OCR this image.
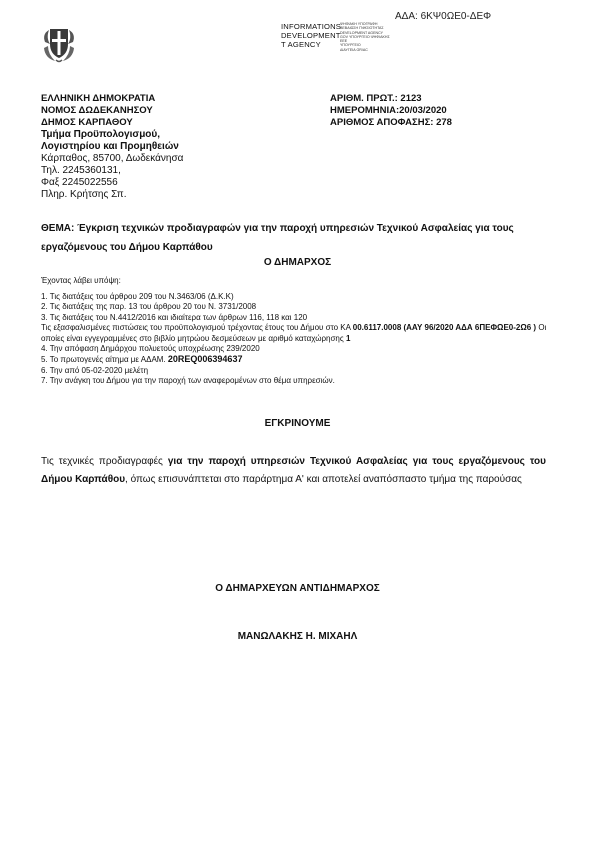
ΑΔΑ: 6ΚΨ0ΩΕ0-ΔΕΦ
INFORMATIONS
DEVELOPMENT
T AGENCY
ΨΗΦΙΑΚΗ ΥΠΟΓΡΑΦΗ
ΒΕΒΑΙΩΣΗ ΓΝΗΣΙΟΤΗΤΑΣ
DEVELOPMENT AGENCY
GOV ΥΠΟΥΡΓΕΙΟ ΨΗΦΙΑΚΗΣ
ΕΕΕ
ΥΠΟΥΡΓΕΙΟ
ΔΙΑΥΓΕΙΑ GR/AC
ΕΛΛΗΝΙΚΗ ΔΗΜΟΚΡΑΤΙΑ
ΝΟΜΟΣ ΔΩΔΕΚΑΝΗΣΟΥ
ΔΗΜΟΣ ΚΑΡΠΑΘΟΥ
Τμήμα Προϋπολογισμού,
Λογιστηρίου και Προμηθειών
Κάρπαθος, 85700, Δωδεκάνησα
Τηλ. 2245360131,
Φαξ 2245022556
Πληρ. Κρήτσης Σπ.
ΑΡΙΘΜ. ΠΡΩΤ.: 2123
ΗΜΕΡΟΜΗΝΙΑ:20/03/2020
ΑΡΙΘΜΟΣ ΑΠΟΦΑΣΗΣ: 278
ΘΕΜΑ: Έγκριση τεχνικών προδιαγραφών για την παροχή υπηρεσιών Τεχνικού Ασφαλείας για τους εργαζόμενους του Δήμου Καρπάθου
Ο ΔΗΜΑΡΧΟΣ
Έχοντας λάβει υπόψη:
1. Τις διατάξεις του άρθρου 209 του Ν.3463/06 (Δ.Κ.Κ)
2. Τις διατάξεις της παρ. 13 του άρθρου 20 του Ν. 3731/2008
3. Τις διατάξεις του Ν.4412/2016 και ιδιαίτερα των άρθρων 116, 118 και 120
Τις εξασφαλισμένες πιστώσεις του προϋπολογισμού τρέχοντας έτους του Δήμου στο ΚΑ 00.6117.0008 (ΑΑΥ 96/2020 ΑΔΑ 6ΠΕΦΩΕ0-2Ω6 ) Οι οποίες είναι εγγεγραμμένες στο βιβλίο μητρώου δεσμεύσεων με αριθμό καταχώρησης 1
4. Την απόφαση Δημάρχου πολυετούς υποχρέωσης 239/2020
5. Το πρωτογενές αίτημα με ΑΔΑΜ. 20REQ006394637
6. Την από 05-02-2020 μελέτη
7. Την ανάγκη του Δήμου για την παροχή των αναφερομένων στο θέμα υπηρεσιών.
ΕΓΚΡΙΝΟΥΜΕ
Τις τεχνικές προδιαγραφές για την παροχή υπηρεσιών Τεχνικού Ασφαλείας για τους εργαζόμενους του Δήμου Καρπάθου, όπως επισυνάπτεται στο παράρτημα Α' και αποτελεί αναπόσπαστο τμήμα της παρούσας
Ο ΔΗΜΑΡΧΕΥΩΝ ΑΝΤΙΔΗΜΑΡΧΟΣ
ΜΑΝΩΛΑΚΗΣ Η. ΜΙΧΑΗΛ
